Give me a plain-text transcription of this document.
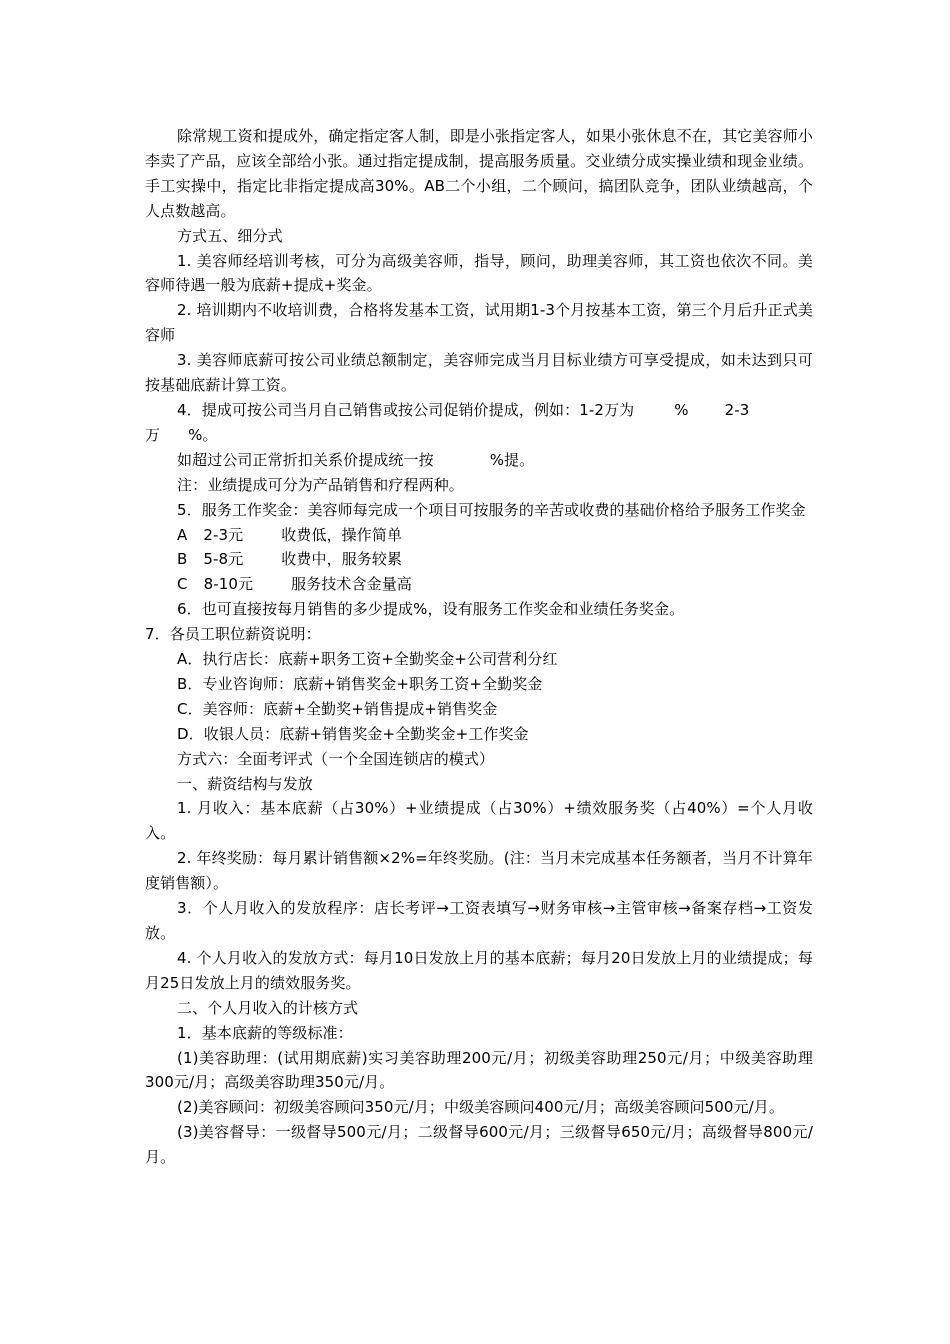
除常规工资和提成外，确定指定客人制，即是小张指定客人，如果小张休息不在，其它美容师小李卖了产品，应该全部给小张。通过指定提成制，提高服务质量。交业绩分成实操业绩和现金业绩。手工实操中，指定比非指定提成高30%。AB二个小组，二个顾问，搞团队竞争，团队业绩越高，个人点数越高。

方式五、细分式

1. 美容师经培训考核，可分为高级美容师，指导，顾问，助理美容师，其工资也依次不同。美容师待遇一般为底薪+提成+奖金。

2. 培训期内不收培训费，合格将发基本工资，试用期1-3个月按基本工资，第三个月后升正式美容师

3. 美容师底薪可按公司业绩总额制定，美容师完成当月目标业绩方可享受提成，如未达到只可按基础底薪计算工资。

4．提成可按公司当月自己销售或按公司促销价提成，例如：1-2万为	% 2-3

万 %。

如超过公司正常折扣关系价提成统一按	%提。

注：业绩提成可分为产品销售和疗程两种。

5．服务工作奖金：美容师每完成一个项目可按服务的辛苦或收费的基础价格给予服务工作奖金

A 2-3元	收费低，操作简单

B 5-8元	收费中，服务较累

C 8-10元	服务技术含金量高

6．也可直接按每月销售的多少提成%，设有服务工作奖金和业绩任务奖金。

7．各员工职位薪资说明：

A．执行店长：底薪+职务工资+全勤奖金+公司营利分红

B．专业咨询师：底薪+销售奖金+职务工资+全勤奖金

C．美容师：底薪+全勤奖+销售提成+销售奖金

D．收银人员：底薪+销售奖金+全勤奖金+工作奖金

方式六：全面考评式（一个全国连锁店的模式）

一、薪资结构与发放

1. 月收入：基本底薪（占30%）+业绩提成（占30%）+绩效服务奖（占40%）=个人月收入。

2. 年终奖励：每月累计销售额×2%=年终奖励。(注：当月未完成基本任务额者，当月不计算年度销售额）。

3．个人月收入的发放程序：店长考评→工资表填写→财务审核→主管审核→备案存档→工资发放。

4. 个人月收入的发放方式：每月10日发放上月的基本底薪；每月20日发放上月的业绩提成；每月25日发放上月的绩效服务奖。

二、个人月收入的计核方式

1．基本底薪的等级标准：

(1)美容助理：(试用期底薪)实习美容助理200元/月；初级美容助理250元/月；中级美容助理300元/月；高级美容助理350元/月。

(2)美容顾问：初级美容顾问350元/月；中级美容顾问400元/月；高级美容顾问500元/月。

(3)美容督导：一级督导500元/月；二级督导600元/月；三级督导650元/月；高级督导800元/月。
